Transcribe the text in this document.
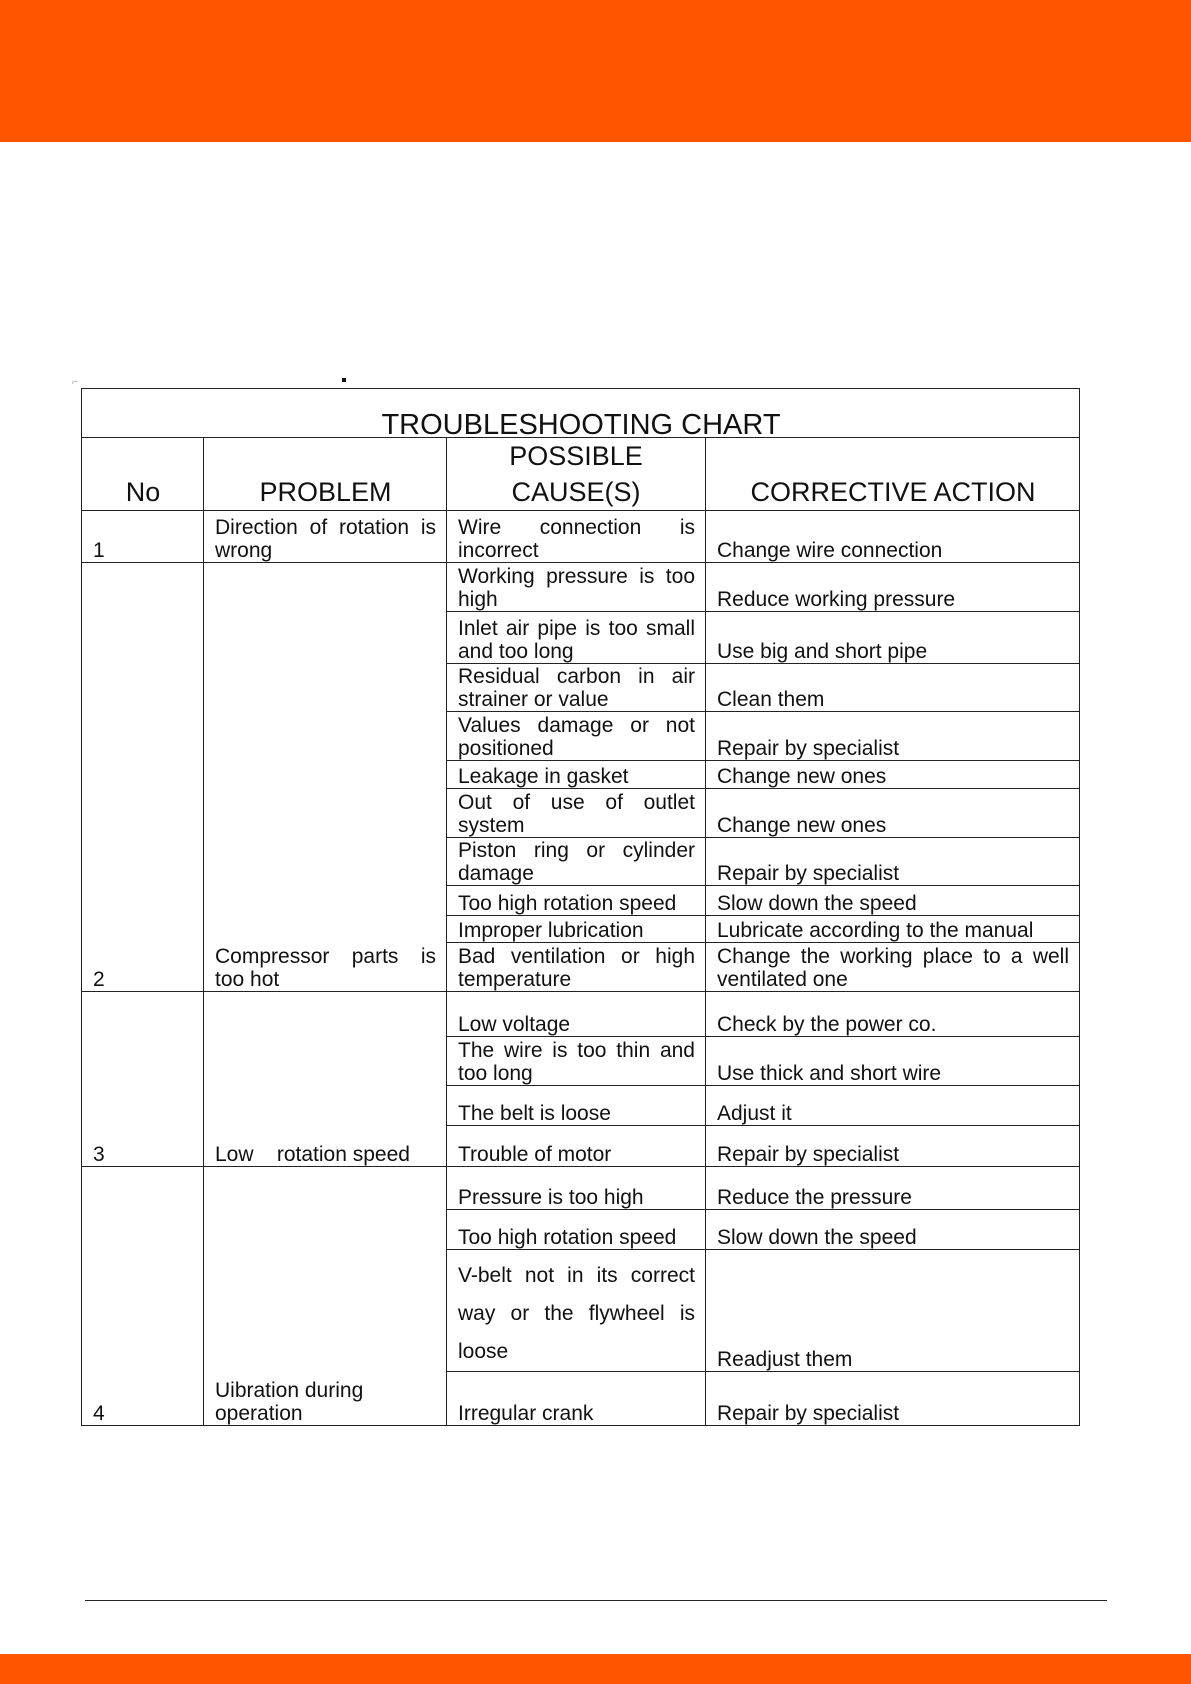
⌐
TROUBLESHOOTING CHART			
No	PROBLEM	POSSIBLE CAUSE(S)	CORRECTIVE ACTION
1	Direction of rotation is wrong	Wire connection is incorrect	Change wire connection
2	Compressor parts is too hot	Working pressure is too high	Reduce working pressure
		Inlet air pipe is too small and too long	Use big and short pipe
		Residual carbon in air strainer or value	Clean them
		Values damage or not positioned	Repair by specialist
		Leakage in gasket	Change new ones
		Out of use of outlet system	Change new ones
		Piston ring or cylinder damage	Repair by specialist
		Too high rotation speed	Slow down the speed
		Improper lubrication	Lubricate according to the manual
		Bad ventilation or high temperature	Change the working place to a well ventilated one
3	Low    rotation speed	Low voltage	Check by the power co.
		The wire is too thin and too long	Use thick and short wire
		The belt is loose	Adjust it
		Trouble of motor	Repair by specialist
4	Uibration during operation	Pressure is too high	Reduce the pressure
		Too high rotation speed	Slow down the speed
		V-belt not in its correct way or the flywheel is loose	Readjust them
		Irregular crank	Repair by specialist
